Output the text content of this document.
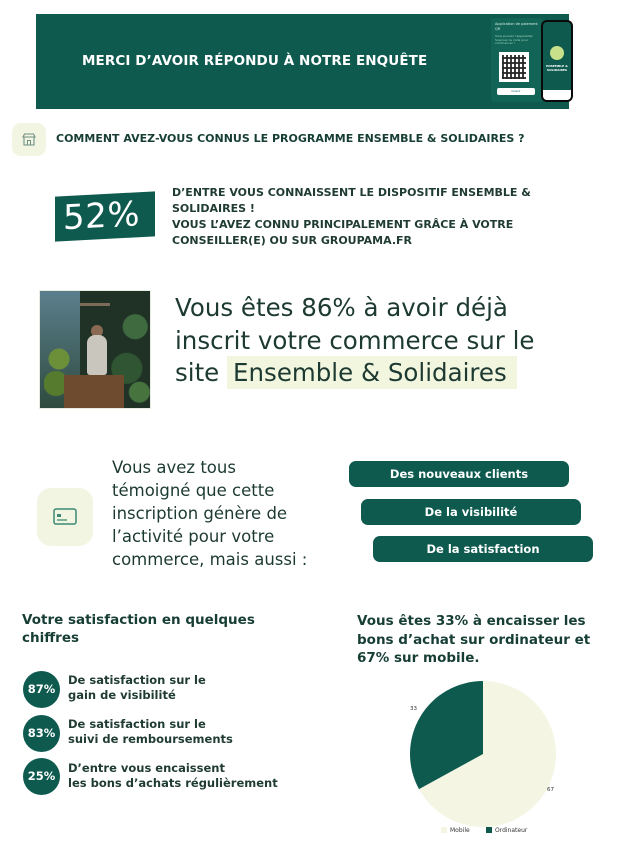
MERCI D’AVOIR RÉPONDU À NOTRE ENQUÊTE
Application de paiement QR
Vous pouvez l’appareiller. Scannez ce code pour commencer !
Ouvrir
ENSEMBLE & SOLIDAIRES
COMMENT AVEZ-VOUS CONNUS LE PROGRAMME ENSEMBLE & SOLIDAIRES ?
52%
D’ENTRE VOUS CONNAISSENT LE DISPOSITIF ENSEMBLE &
SOLIDAIRES !
VOUS L’AVEZ CONNU PRINCIPALEMENT GRÂCE À VOTRE
CONSEILLER(E) OU SUR GROUPAMA.FR
Vous êtes 86% à avoir déjà
inscrit votre commerce sur le
site Ensemble & Solidaires
Vous avez tous
témoigné que cette
inscription génère de
l’activité pour votre
commerce, mais aussi :
Des nouveaux clients
De la visibilité
De la satisfaction
Votre satisfaction en quelques
chiffres
87%
De satisfaction sur le
gain de visibilité
83%
De satisfaction sur le
suivi de remboursements
25%
D’entre vous encaissent
les bons d’achats régulièrement
Vous êtes 33% à encaisser les
bons d’achat sur ordinateur et
67% sur mobile.
33
67
Mobile	Ordinateur
